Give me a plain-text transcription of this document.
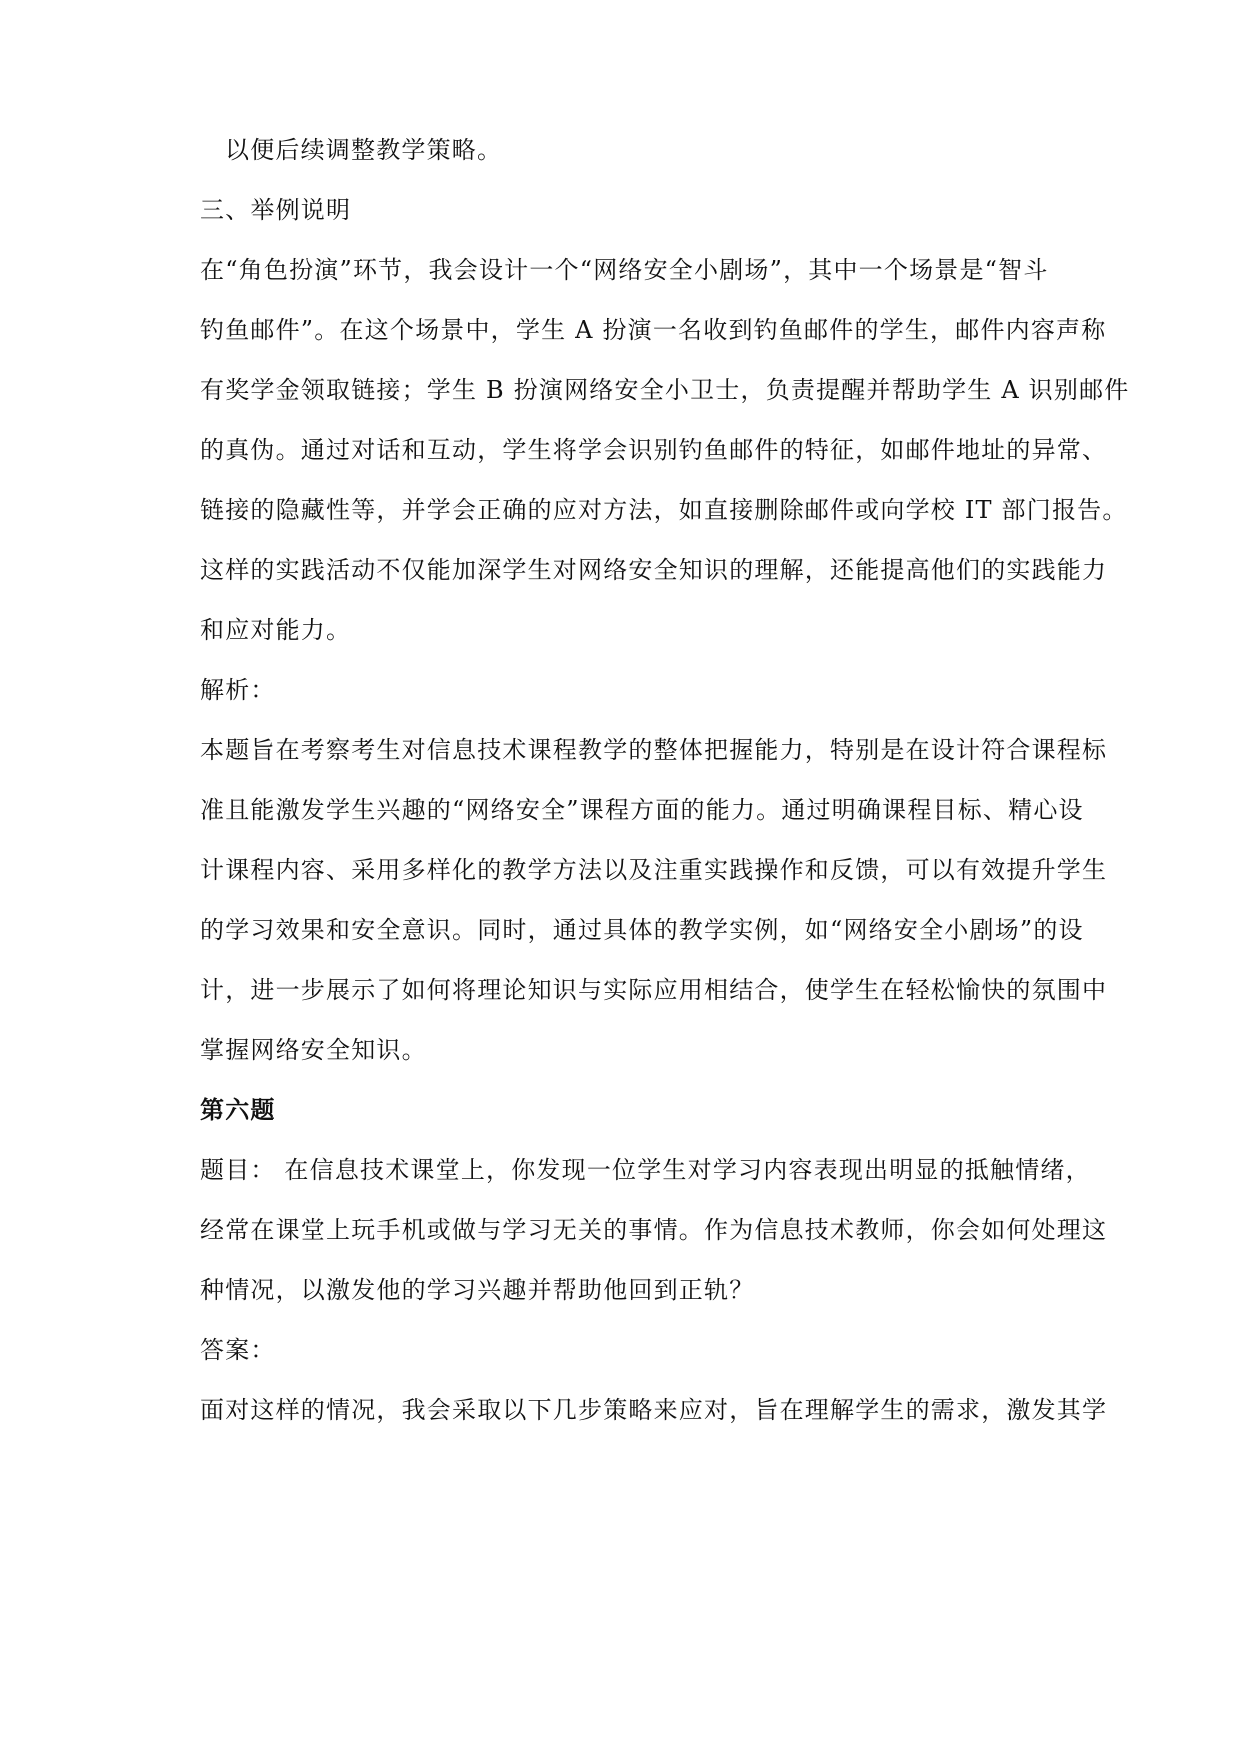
以便后续调整教学策略。
三、举例说明
在“角色扮演”环节，我会设计一个“网络安全小剧场”，其中一个场景是“智斗
钓鱼邮件”。在这个场景中，学生 A 扮演一名收到钓鱼邮件的学生，邮件内容声称
有奖学金领取链接；学生 B 扮演网络安全小卫士，负责提醒并帮助学生 A 识别邮件
的真伪。通过对话和互动，学生将学会识别钓鱼邮件的特征，如邮件地址的异常、
链接的隐藏性等，并学会正确的应对方法，如直接删除邮件或向学校 IT 部门报告。
这样的实践活动不仅能加深学生对网络安全知识的理解，还能提高他们的实践能力
和应对能力。
解析：
本题旨在考察考生对信息技术课程教学的整体把握能力，特别是在设计符合课程标
准且能激发学生兴趣的“网络安全”课程方面的能力。通过明确课程目标、精心设
计课程内容、采用多样化的教学方法以及注重实践操作和反馈，可以有效提升学生
的学习效果和安全意识。同时，通过具体的教学实例，如“网络安全小剧场”的设
计，进一步展示了如何将理论知识与实际应用相结合，使学生在轻松愉快的氛围中
掌握网络安全知识。
第六题
题目： 在信息技术课堂上，你发现一位学生对学习内容表现出明显的抵触情绪，
经常在课堂上玩手机或做与学习无关的事情。作为信息技术教师，你会如何处理这
种情况，以激发他的学习兴趣并帮助他回到正轨？
答案：
面对这样的情况，我会采取以下几步策略来应对，旨在理解学生的需求，激发其学
